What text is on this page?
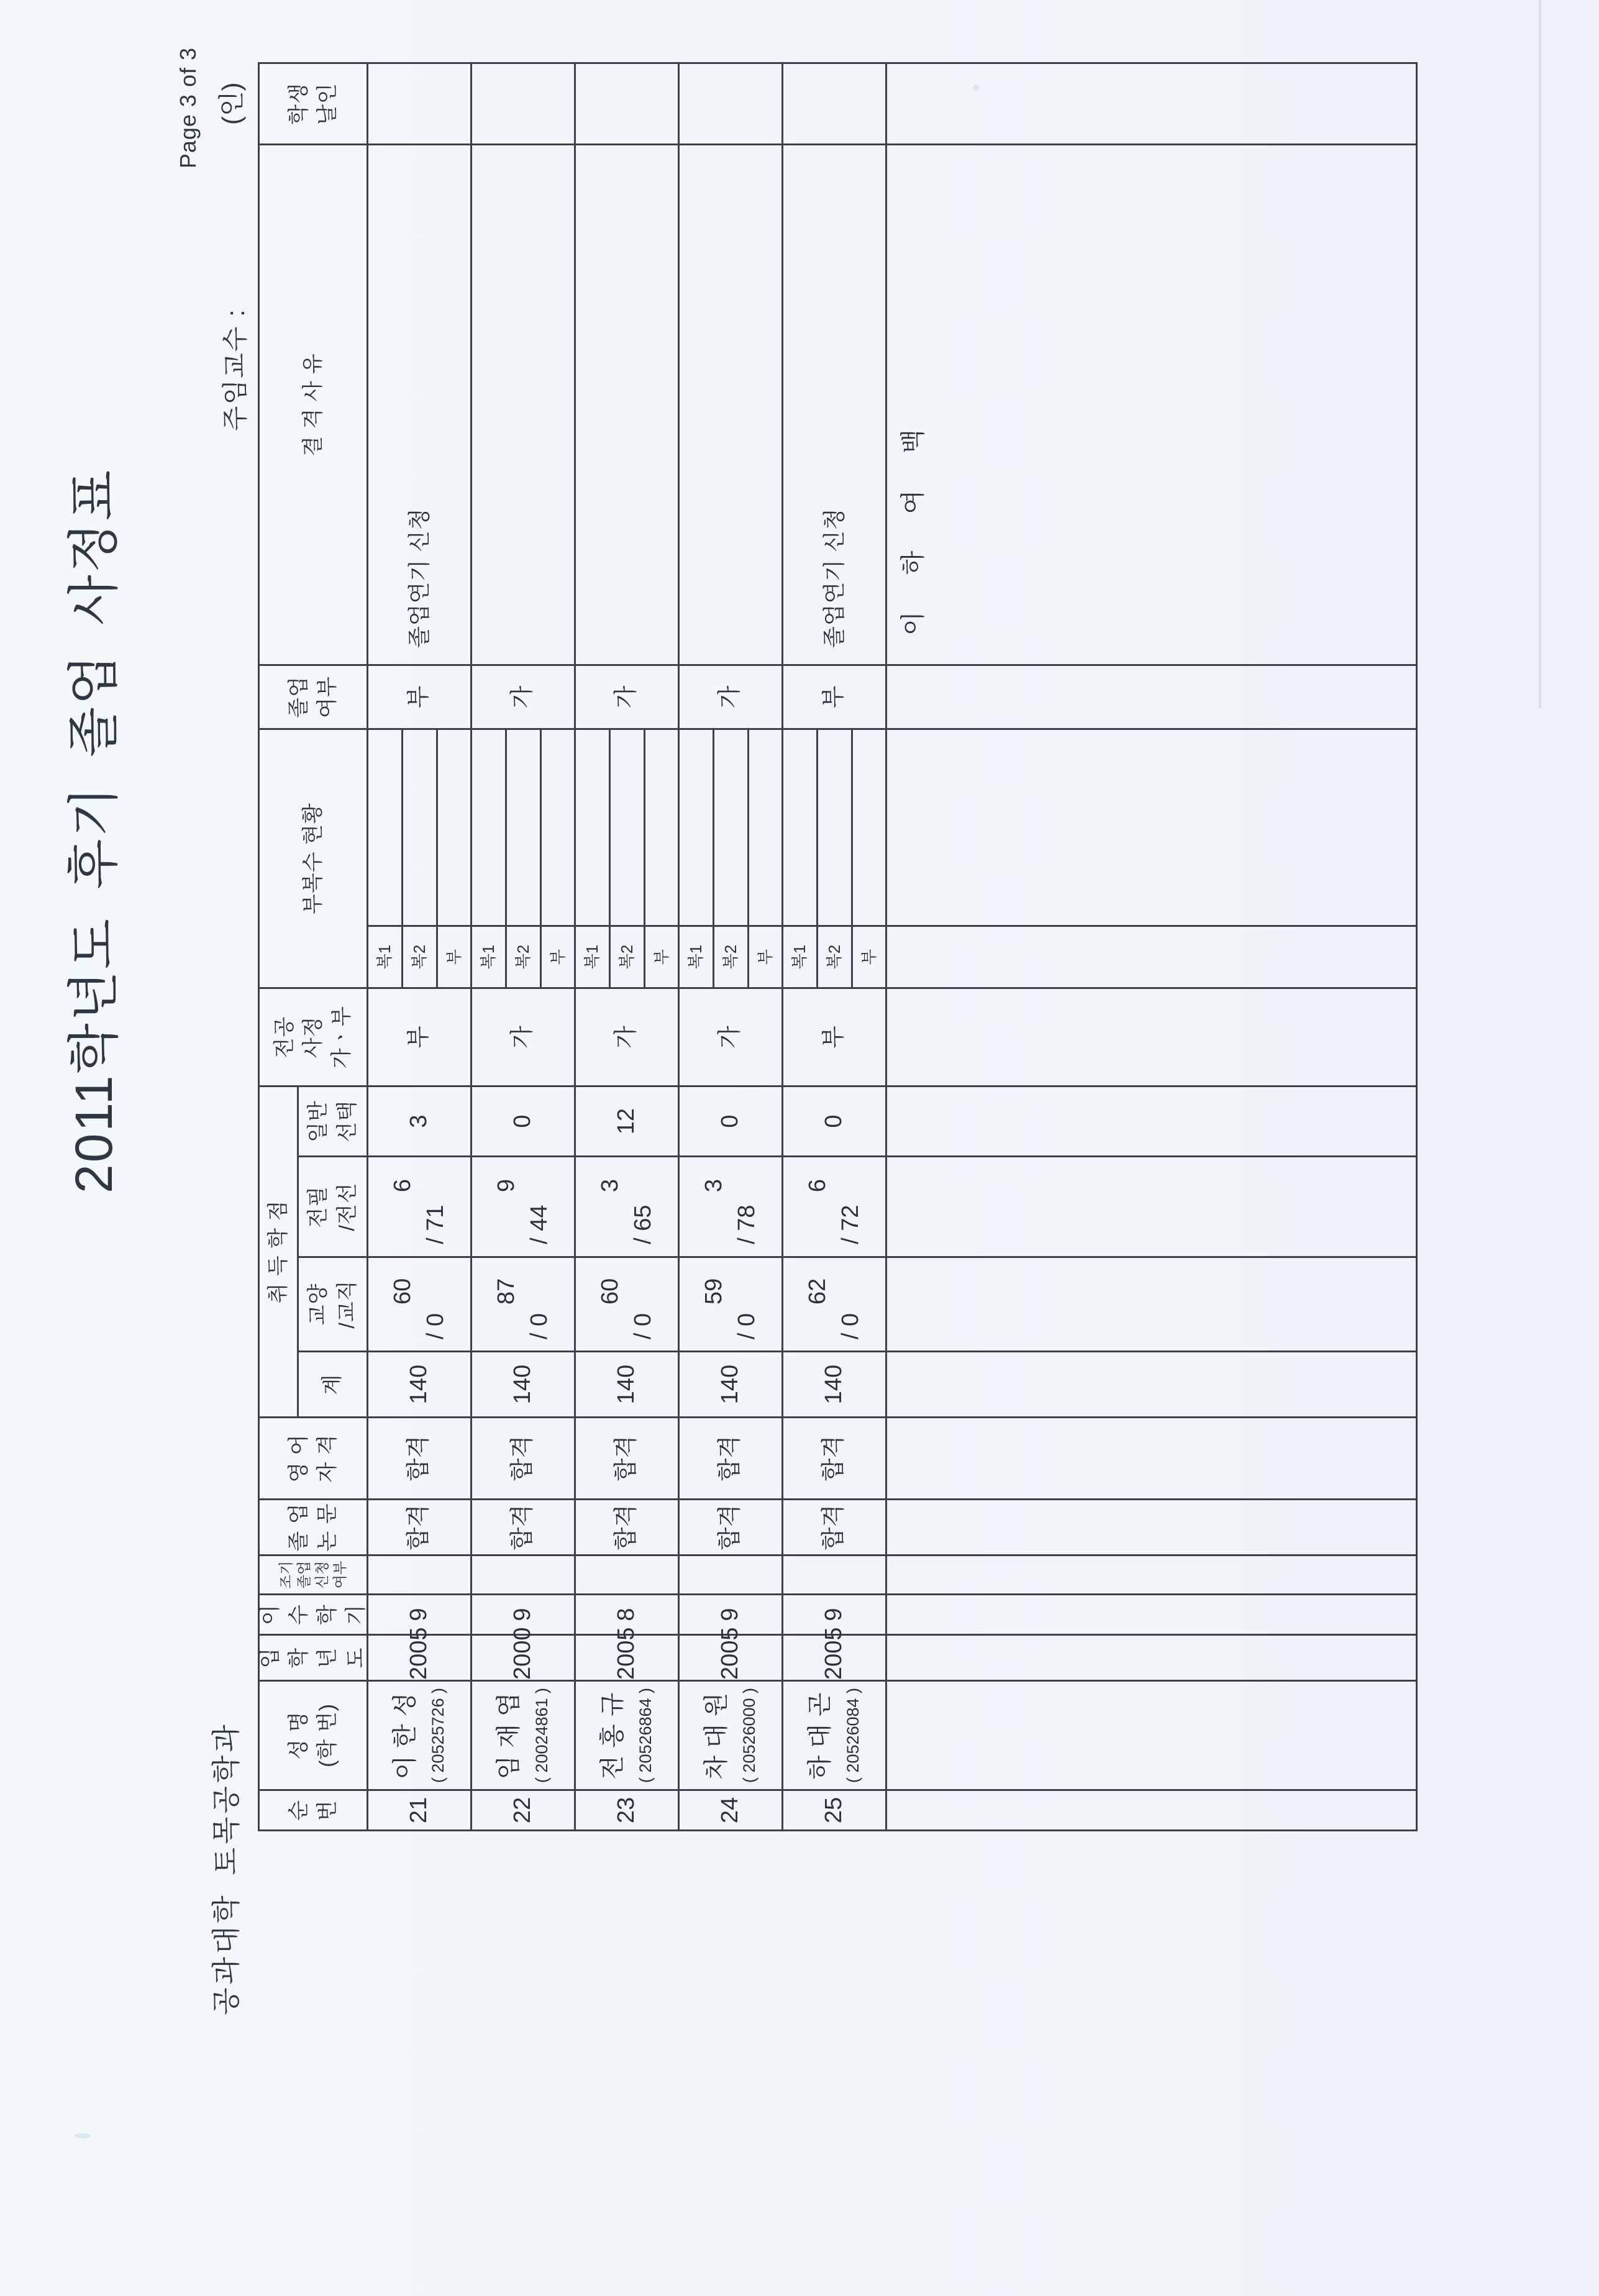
2011학년도 후기 졸업 사정표
공과대학 토목공학과
Page 3 of 3
주임교수 :
(인)
순 번
성 명 (학 번)
입 학 년 도
이 수 학 기
조기 졸업 신청 여부
졸 업 논 문
영 어 자 격
전공 사정 가ㆍ부
졸업 여부
결 격 사 유
학생 날인
취 득 학 점
계
교양 /교직
전필 /전선
일반 선택
부복수 현황
21
이한성 ( 20525726 )
2005
9
합격
합격
140
60
/ 0
6
/ 71
3
부
복1 복2 부
부
졸업연기 신청
22
임재엽 ( 20024861 )
2000
9
합격
합격
140
87
/ 0
9
/ 44
0
가
복1 복2 부
가
23
전홍규 ( 20526864 )
2005
8
합격
합격
140
60
/ 0
3
/ 65
12
가
복1 복2 부
가
24
차대원 ( 20526000 )
2005
9
합격
합격
140
59
/ 0
3
/ 78
0
가
복1 복2 부
가
25
하대곤 ( 20526084 )
2005
9
합격
합격
140
62
/ 0
6
/ 72
0
부
복1 복2 부
부
졸업연기 신청 이 하 여 백
